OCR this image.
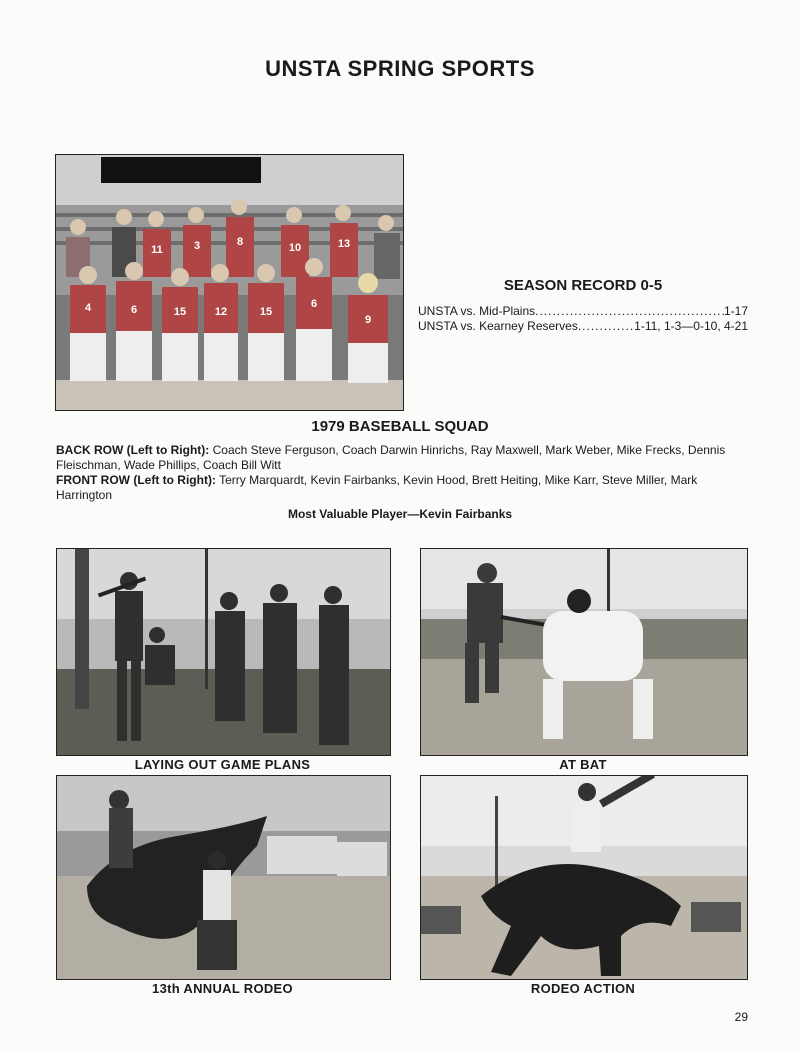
UNSTA SPRING SPORTS
11	3	8	10	13
4	6	15	12	15
6
9
SEASON RECORD 0-5
UNSTA vs. Mid-Plains .....	1-17
UNSTA vs. Kearney Reserves .....	1-11, 1-3—0-10, 4-21
1979 BASEBALL SQUAD
BACK ROW (Left to Right): Coach Steve Ferguson, Coach Darwin Hinrichs, Ray Maxwell, Mark Weber, Mike Frecks, Dennis Fleischman, Wade Phillips, Coach Bill Witt
FRONT ROW (Left to Right): Terry Marquardt, Kevin Fairbanks, Kevin Hood, Brett Heiting, Mike Karr, Steve Miller, Mark Harrington
Most Valuable Player—Kevin Fairbanks
LAYING OUT GAME PLANS	AT BAT
13th ANNUAL RODEO	RODEO ACTION
29
